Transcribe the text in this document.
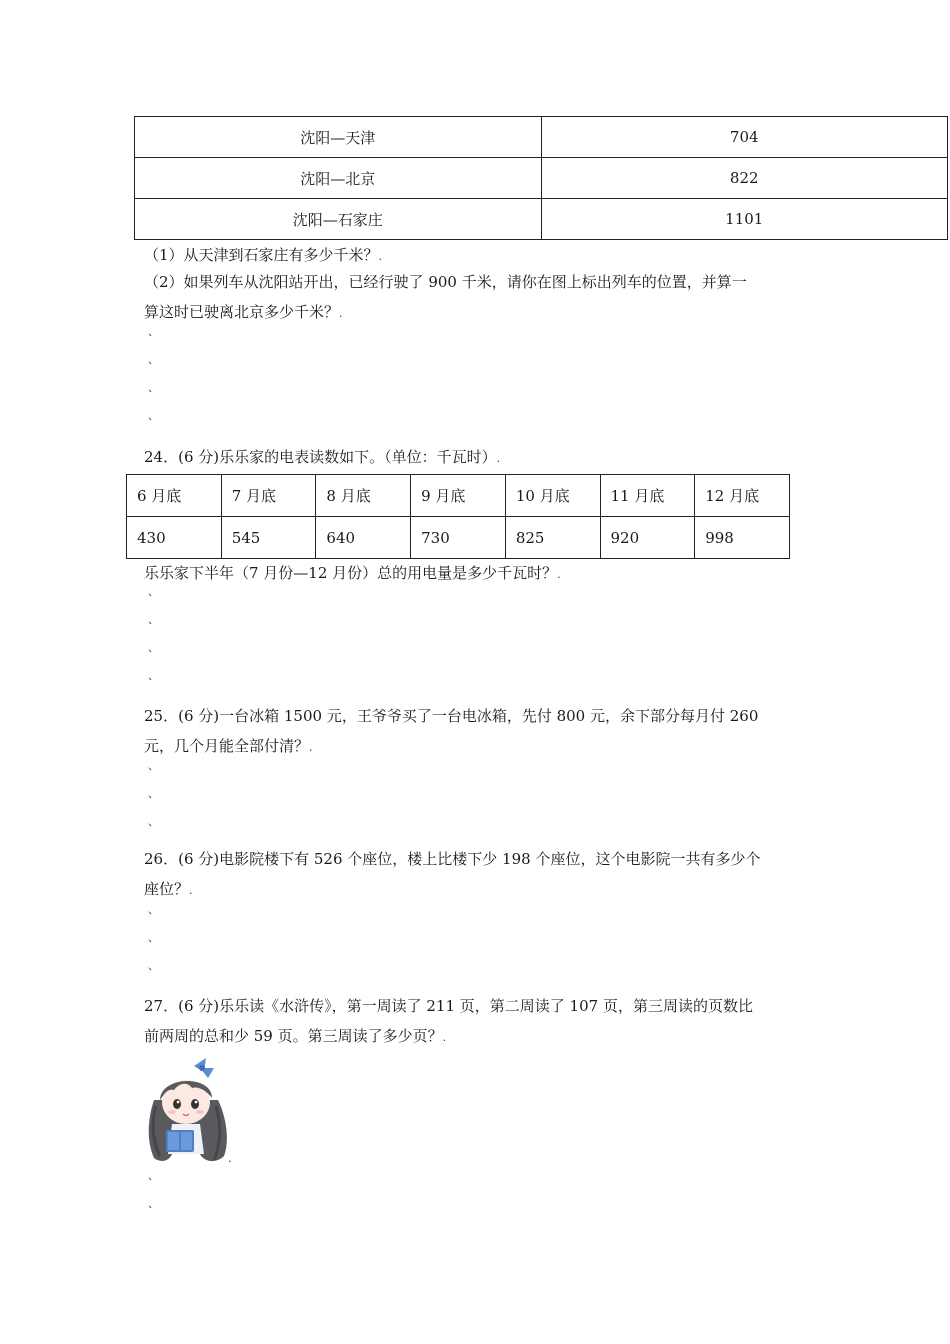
沈阳—天津	704
沈阳—北京	822
沈阳—石家庄	1101
（1）从天津到石家庄有多少千米？.
（2）如果列车从沈阳站开出，已经行驶了 900 千米，请你在图上标出列车的位置，并算一
算这时已驶离北京多少千米？.
、
、
、
、
24．(6 分)乐乐家的电表读数如下。（单位：千瓦时）.
6 月底	7 月底	8 月底	9 月底	10 月底	11 月底	12 月底
430	545	640	730	825	920	998
乐乐家下半年（7 月份—12 月份）总的用电量是多少千瓦时？.
、
、
、
、
25．(6 分)一台冰箱 1500 元，王爷爷买了一台电冰箱，先付 800 元，余下部分每月付 260
元，几个月能全部付清？.
、
、
、
26．(6 分)电影院楼下有 526 个座位，楼上比楼下少 198 个座位，这个电影院一共有多少个
座位？.
、
、
、
27．(6 分)乐乐读《水浒传》，第一周读了 211 页，第二周读了 107 页，第三周读的页数比
前两周的总和少 59 页。第三周读了多少页？.
.
、
、
